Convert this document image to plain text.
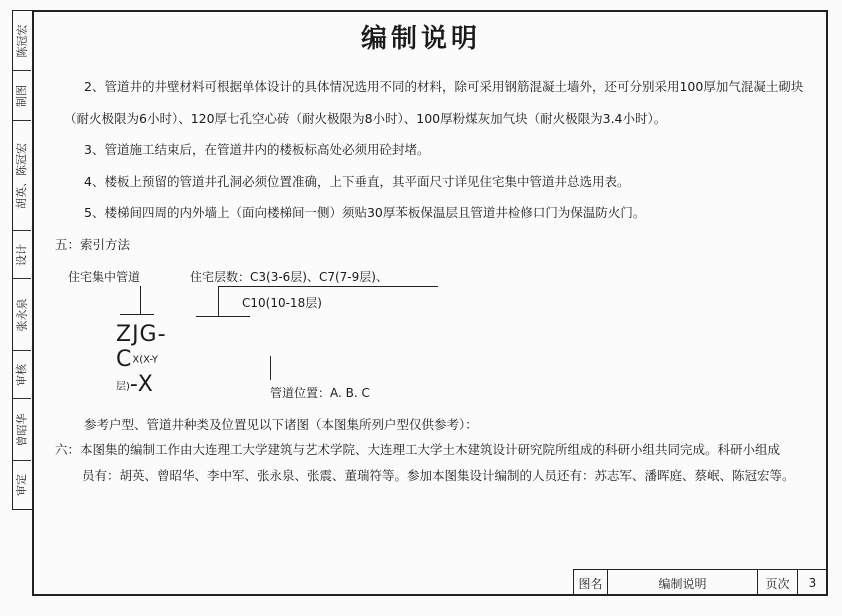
陈冠宏
制图
胡英、陈冠宏
设计
张永泉
审核
曾昭华
审定
编制说明
2、管道井的井壁材料可根据单体设计的具体情况选用不同的材料，除可采用钢筋混凝土墙外，还可分别采用100厚加气混凝土砌块
（耐火极限为6小时）、120厚七孔空心砖（耐火极限为8小时）、100厚粉煤灰加气块（耐火极限为3.4小时）。
3、管道施工结束后，在管道井内的楼板标高处必须用砼封堵。
4、楼板上预留的管道井孔洞必须位置准确，上下垂直，其平面尺寸详见住宅集中管道井总选用表。
5、楼梯间四周的内外墙上（面向楼梯间一侧）须贴30厚苯板保温层且管道井检修口门为保温防火门。
五：索引方法
住宅集中管道	住宅层数：C3(3-6层)、C7(7-9层)、
C10(10-18层)
ZJG-CX(X-Y层)-X	管道位置：A. B. C
参考户型、管道井种类及位置见以下诸图（本图集所列户型仅供参考）：
六：本图集的编制工作由大连理工大学建筑与艺术学院、大连理工大学土木建筑设计研究院所组成的科研小组共同完成。科研小组成
员有：胡英、曾昭华、李中军、张永泉、张震、董瑞符等。参加本图集设计编制的人员还有：苏志军、潘晖庭、蔡岷、陈冠宏等。
图名	编制说明	页次	3
